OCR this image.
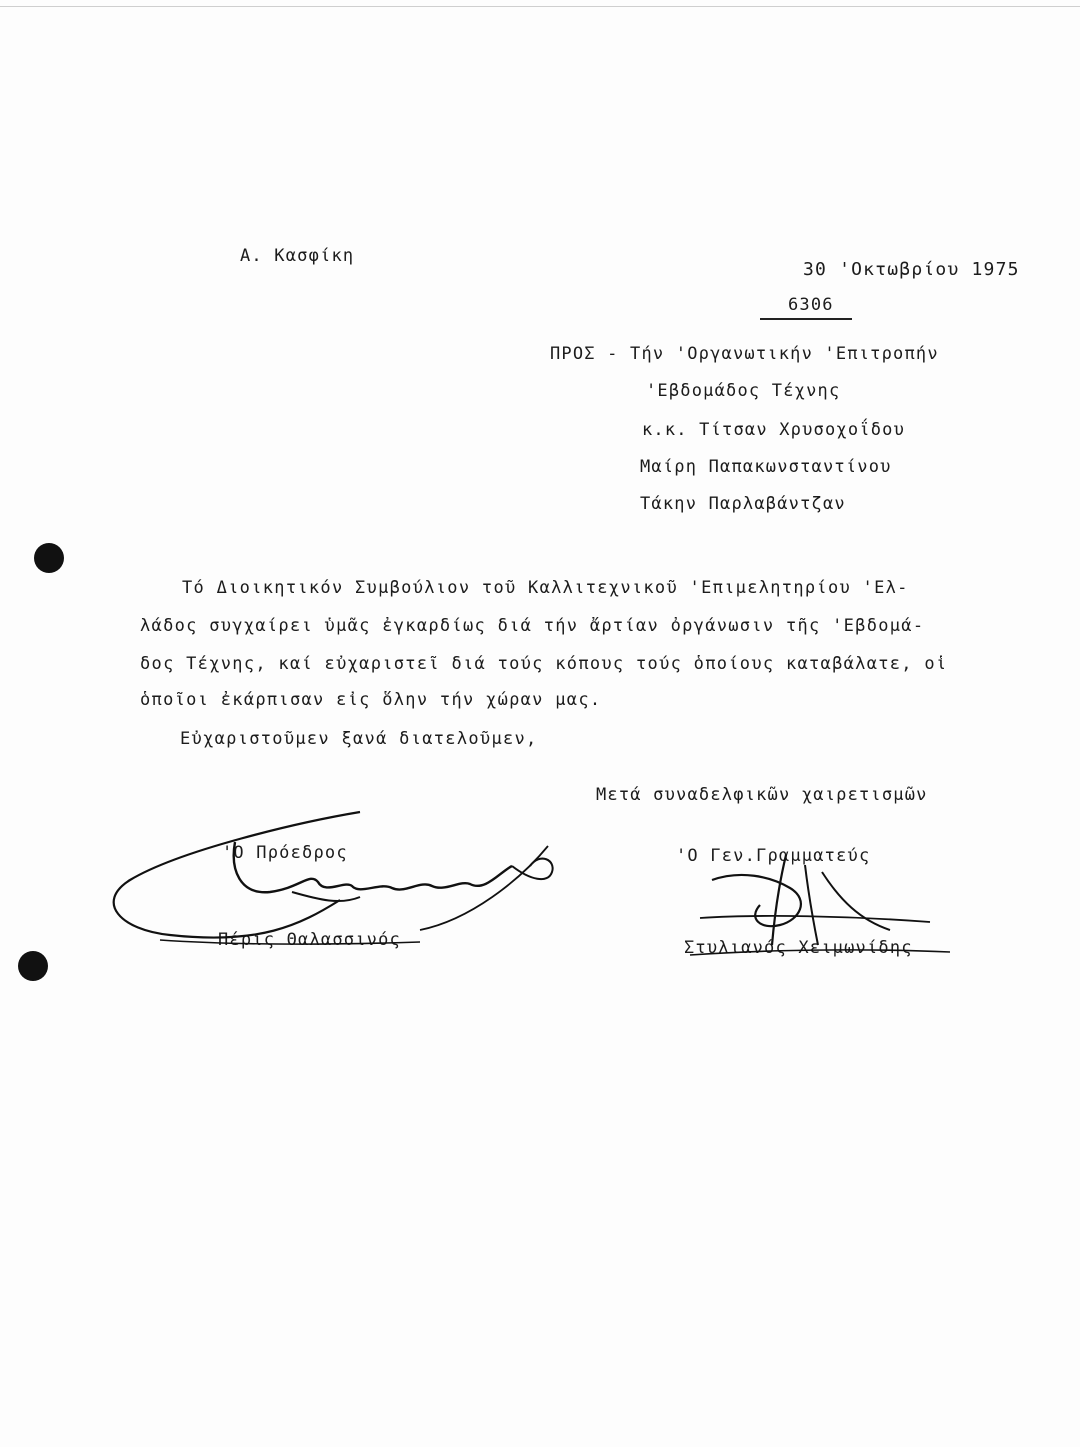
Α. Κασφίκη
30 'Οκτωβρίου 1975
6306
ΠΡΟΣ - Τήν 'Οργανωτικήν 'Επιτροπήν
'Εβδομάδος Τέχνης
κ.κ. Τίτσαν Χρυσοχοΐδου
Μαίρη Παπακωνσταντίνου
Τάκην Παρλαβάντζαν
Τό Διοικητικόν Συμβούλιον τοῦ Καλλιτεχνικοῦ 'Επιμελητηρίου 'Ελ-
λάδος συγχαίρει ὑμᾶς ἐγκαρδίως διά τήν ἄρτίαν ὀργάνωσιν τῆς 'Εβδομά-
δος Τέχνης, καί εὐχαριστεῖ διά τούς κόπους τούς ὁποίους καταβάλατε, οἱ
ὁποῖοι ἐκάρπισαν εἰς ὅλην τήν χώραν μας.
Εὐχαριστοῦμεν ξανά διατελοῦμεν,
Μετά συναδελφικῶν χαιρετισμῶν
'Ο Πρόεδρος
Πέρις Θαλασσινός
'Ο Γεν.Γραμματεύς
Στυλιανός Χειμωνίδης
